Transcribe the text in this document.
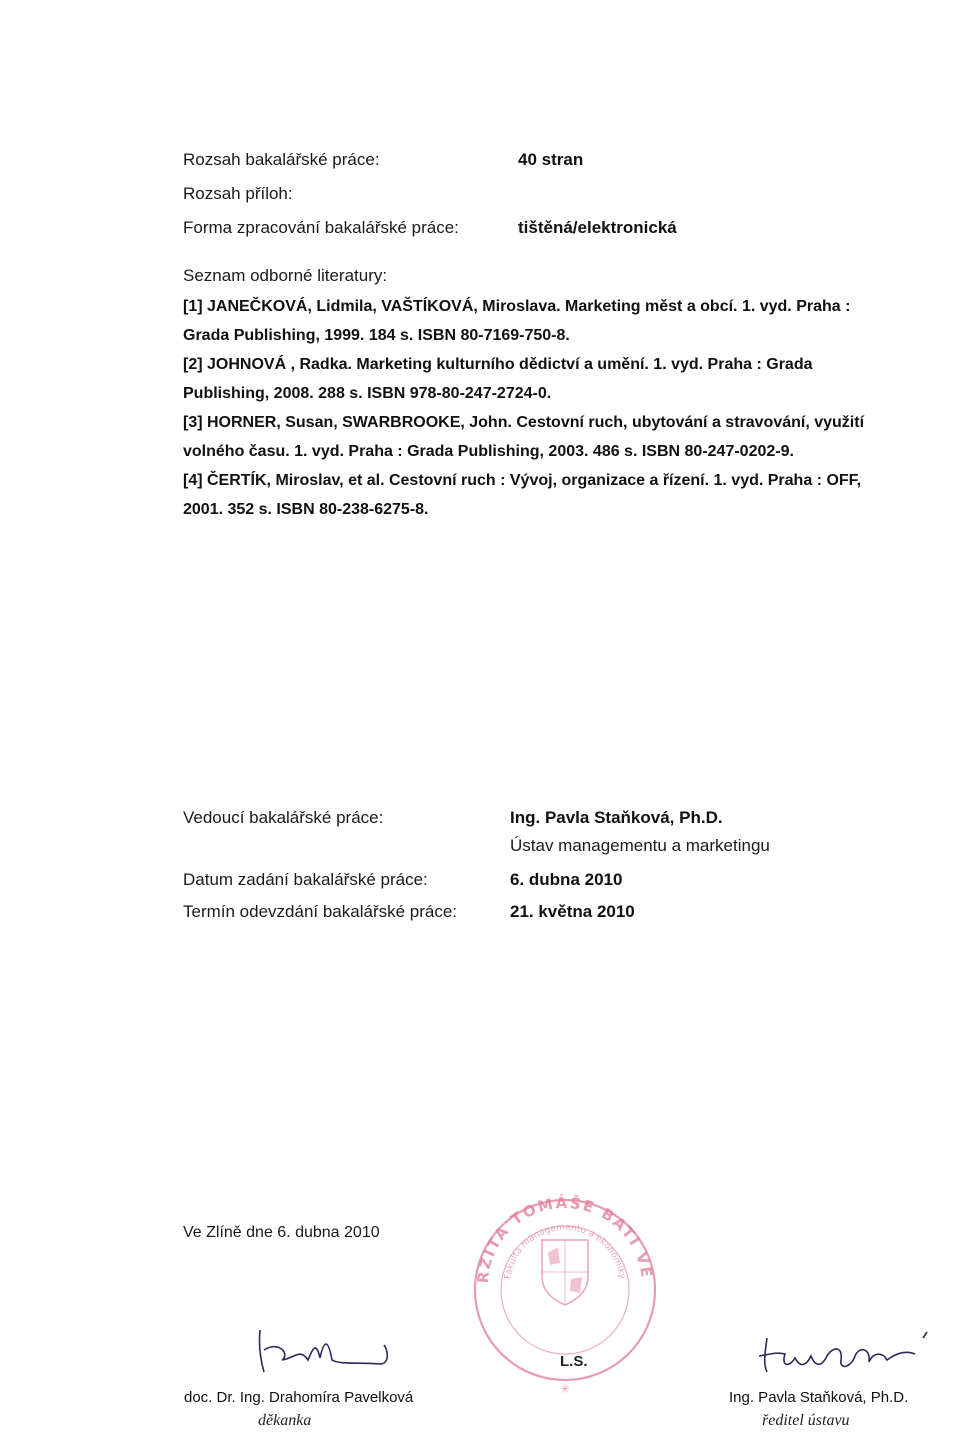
Rozsah bakalářské práce:	40 stran
Rozsah příloh:
Forma zpracování bakalářské práce:	tištěná/elektronická
Seznam odborné literatury:
[1] JANEČKOVÁ, Lidmila, VAŠTÍKOVÁ, Miroslava. Marketing měst a obcí. 1. vyd. Praha :
Grada Publishing, 1999. 184 s. ISBN 80-7169-750-8.
[2] JOHNOVÁ , Radka. Marketing kulturního dědictví a umění. 1. vyd. Praha : Grada
Publishing, 2008. 288 s. ISBN 978-80-247-2724-0.
[3] HORNER, Susan, SWARBROOKE, John. Cestovní ruch, ubytování a stravování, využití
volného času. 1. vyd. Praha : Grada Publishing, 2003. 486 s. ISBN 80-247-0202-9.
[4] ČERTÍK, Miroslav, et al. Cestovní ruch : Vývoj, organizace a řízení. 1. vyd. Praha : OFF,
2001. 352 s. ISBN 80-238-6275-8.
Vedoucí bakalářské práce:	Ing. Pavla Staňková, Ph.D.
Ústav managementu a marketingu
Datum zadání bakalářské práce:	6. dubna 2010
Termín odevzdání bakalářské práce:	21. května 2010
Ve Zlíně dne 6. dubna 2010
doc. Dr. Ing. Drahomíra Pavelková
děkanka
UNIVERZITA TOMÁŠE BATI VE ZLÍNĚ
Fakulta managementu a ekonomiky
✳
L.S.
Ing. Pavla Staňková, Ph.D.
ředitel ústavu
